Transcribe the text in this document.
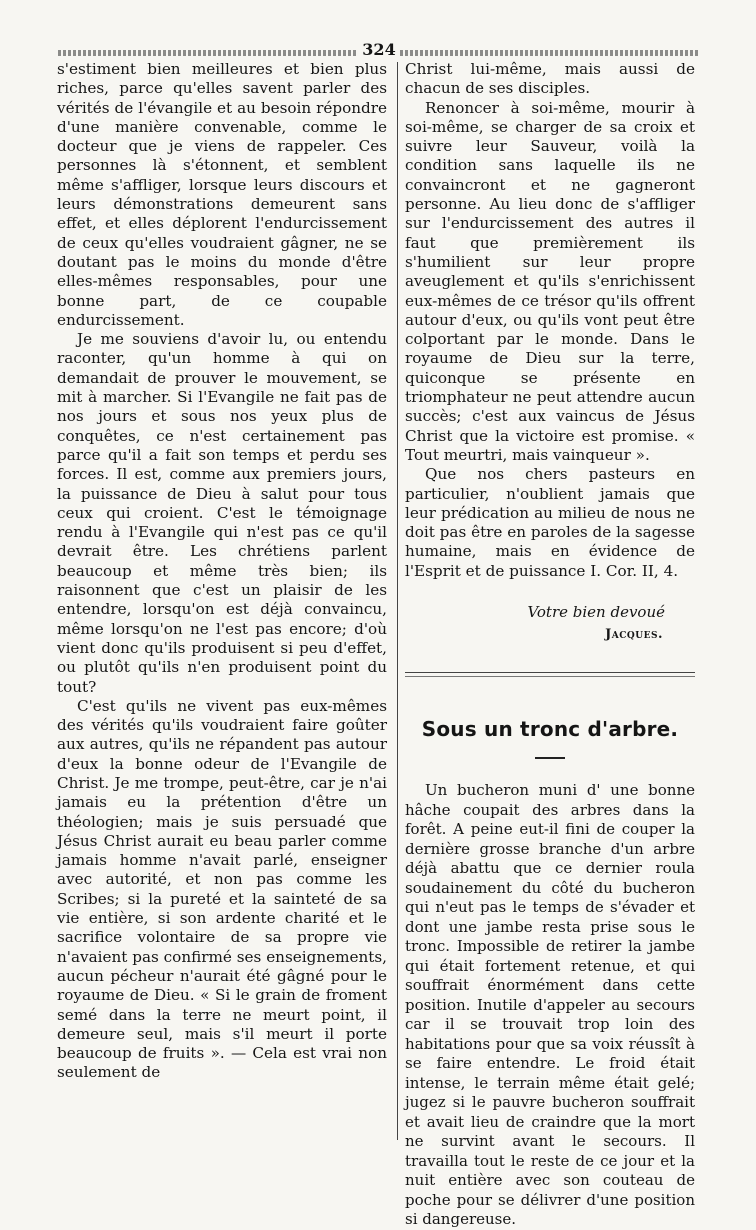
324

s'estiment bien meilleures et bien plus riches, parce qu'elles savent parler des vérités de l'évangile et au besoin répondre d'une manière convenable, comme le docteur que je viens de rappeler. Ces personnes là s'étonnent, et semblent même s'affliger, lorsque leurs discours et leurs démonstrations demeurent sans effet, et elles déplorent l'endurcissement de ceux qu'elles voudraient gâgner, ne se doutant pas le moins du monde d'être elles-mêmes responsables, pour une bonne part, de ce coupable endurcissement.

Je me souviens d'avoir lu, ou entendu raconter, qu'un homme à qui on demandait de prouver le mouvement, se mit à marcher. Si l'Evangile ne fait pas de nos jours et sous nos yeux plus de conquêtes, ce n'est certainement pas parce qu'il a fait son temps et perdu ses forces. Il est, comme aux premiers jours, la puissance de Dieu à salut pour tous ceux qui croient. C'est le témoignage rendu à l'Evangile qui n'est pas ce qu'il devrait être. Les chrétiens parlent beaucoup et même très bien; ils raisonnent que c'est un plaisir de les entendre, lorsqu'on est déjà convaincu, même lorsqu'on ne l'est pas encore; d'où vient donc qu'ils produisent si peu d'effet, ou plutôt qu'ils n'en produisent point du tout?

C'est qu'ils ne vivent pas eux-mêmes des vérités qu'ils voudraient faire goûter aux autres, qu'ils ne répandent pas autour d'eux la bonne odeur de l'Evangile de Christ. Je me trompe, peut-être, car je n'ai jamais eu la prétention d'être un théologien; mais je suis persuadé que Jésus Christ aurait eu beau parler comme jamais homme n'avait parlé, enseigner avec autorité, et non pas comme les Scribes; si la pureté et la sainteté de sa vie entière, si son ardente charité et le sacrifice volontaire de sa propre vie n'avaient pas confirmé ses enseignements, aucun pécheur n'aurait été gâgné pour le royaume de Dieu. « Si le grain de froment semé dans la terre ne meurt point, il demeure seul, mais s'il meurt il porte beaucoup de fruits ». — Cela est vrai non seulement de

Christ lui-même, mais aussi de chacun de ses disciples.

Renoncer à soi-même, mourir à soi-même, se charger de sa croix et suivre leur Sauveur, voilà la condition sans laquelle ils ne convaincront et ne gagneront personne. Au lieu donc de s'affliger sur l'endurcissement des autres il faut que premièrement ils s'humilient sur leur propre aveuglement et qu'ils s'enrichissent eux-mêmes de ce trésor qu'ils offrent autour d'eux, ou qu'ils vont peut être colportant par le monde. Dans le royaume de Dieu sur la terre, quiconque se présente en triomphateur ne peut attendre aucun succès; c'est aux vaincus de Jésus Christ que la victoire est promise. « Tout meurtri, mais vainqueur ».

Que nos chers pasteurs en particulier, n'oublient jamais que leur prédication au milieu de nous ne doit pas être en paroles de la sagesse humaine, mais en évidence de l'Esprit et de puissance I. Cor. II, 4.

Votre bien devoué
Jacques.
Sous un tronc d'arbre.

Un bucheron muni d' une bonne hâche coupait des arbres dans la forêt. A peine eut-il fini de couper la dernière grosse branche d'un arbre déjà abattu que ce dernier roula soudainement du côté du bucheron qui n'eut pas le temps de s'évader et dont une jambe resta prise sous le tronc. Impossible de retirer la jambe qui était fortement retenue, et qui souffrait énormément dans cette position. Inutile d'appeler au secours car il se trouvait trop loin des habitations pour que sa voix réussît à se faire entendre. Le froid était intense, le terrain même était gelé; jugez si le pauvre bucheron souffrait et avait lieu de craindre que la mort ne survint avant le secours. Il travailla tout le reste de ce jour et la nuit entière avec son couteau de poche pour se délivrer d'une position si dangereuse.
